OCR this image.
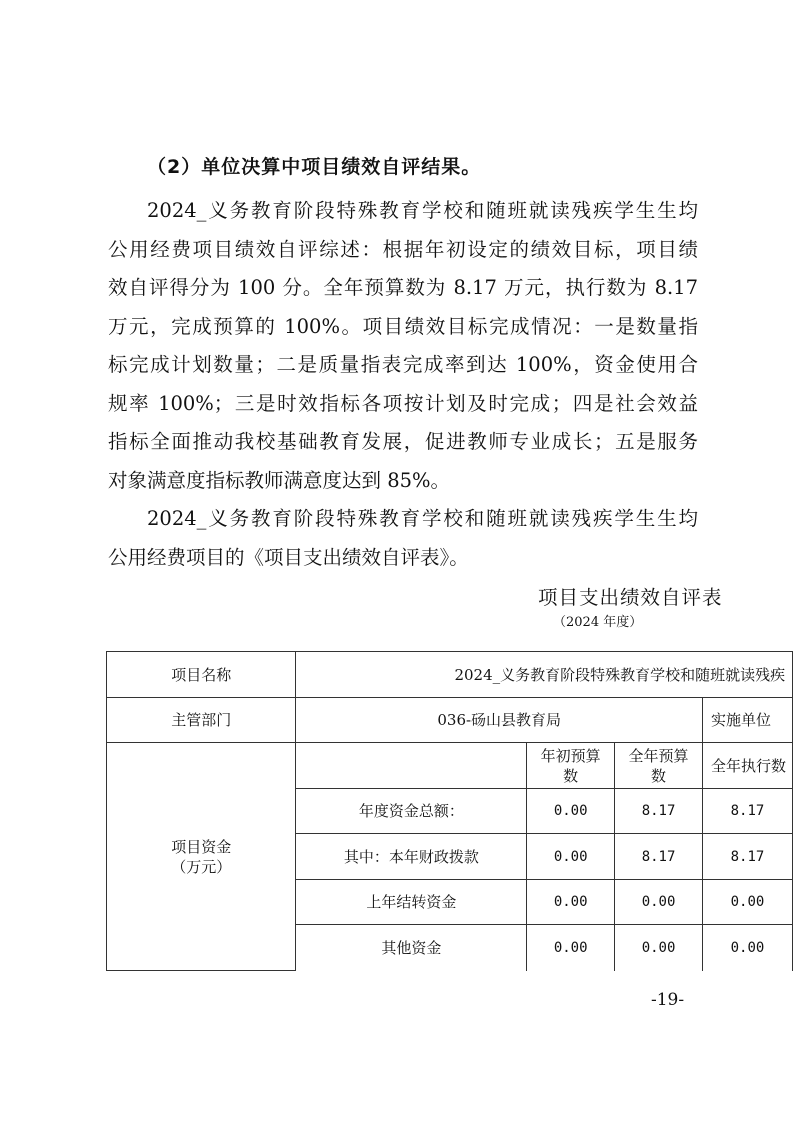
（2）单位决算中项目绩效自评结果。
2024_义务教育阶段特殊教育学校和随班就读残疾学生生均
公用经费项目绩效自评综述：根据年初设定的绩效目标，项目绩
效自评得分为 100 分。全年预算数为 8.17 万元，执行数为 8.17
万元，完成预算的 100%。项目绩效目标完成情况：一是数量指
标完成计划数量；二是质量指表完成率到达 100%，资金使用合
规率 100%；三是时效指标各项按计划及时完成；四是社会效益
指标全面推动我校基础教育发展，促进教师专业成长；五是服务
对象满意度指标教师满意度达到 85%。
2024_义务教育阶段特殊教育学校和随班就读残疾学生生均
公用经费项目的《项目支出绩效自评表》。
项目支出绩效自评表
（2024 年度）
项目名称	2024_义务教育阶段特殊教育学校和随班就读残疾			
主管部门	036-砀山县教育局			实施单位

项目资金
（万元）		年初预算数	全年预算数	全年执行数
	年度资金总额：	0.00	8.17	8.17
	其中：本年财政拨款	0.00	8.17	8.17
	上年结转资金	0.00	0.00	0.00
	其他资金	0.00	0.00	0.00
-19-
